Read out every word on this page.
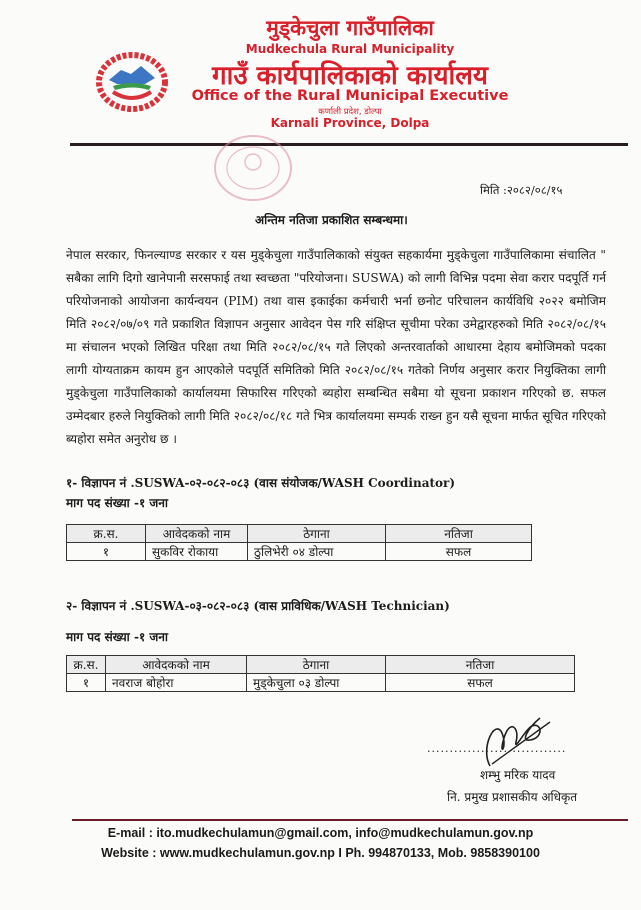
मुड्केचुला गाउँपालिका
Mudkechula Rural Municipality
गाउँ कार्यपालिकाको कार्यालय
Office of the Rural Municipal Executive
कर्णाली प्रदेश, डोल्पा
Karnali Province, Dolpa
मिति :२०८२/०८/१५
अन्तिम नतिजा प्रकाशित सम्बन्धमा।
नेपाल सरकार, फिनल्याण्ड सरकार र यस मुड्केचुला गाउँपालिकाको संयुक्त सहकार्यमा मुड्केचुला गाउँपालिकामा संचालित " सबैका लागि दिगो खानेपानी सरसफाई तथा स्वच्छता "परियोजना। SUSWA) को लागी विभिन्न पदमा सेवा करार पदपूर्ति गर्न परियोजनाको आयोजना कार्यन्वयन (PIM) तथा वास इकाईका कर्मचारी भर्ना छनोट परिचालन कार्यविधि २०२२ बमोजिम मिति २०८२/०७/०९ गते प्रकाशित विज्ञापन अनुसार आवेदन पेस गरि संक्षिप्त सूचीमा परेका उमेद्वारहरुको मिति २०८२/०८/१५ मा संचालन भएको लिखित परिक्षा तथा मिति २०८२/०८/१५ गते लिएको अन्तरवार्ताको आधारमा देहाय बमोजिमको पदका लागी योग्यताक्रम कायम हुन आएकोले पदपूर्ति समितिको मिति २०८२/०८/१५ गतेको निर्णय अनुसार करार नियुक्तिका लागी मुड्केचुला गाउँपालिकाको कार्यालयमा सिफारिस गरिएको ब्यहोरा सम्बन्धित सबैमा यो सूचना प्रकाशन गरिएको छ. सफल उम्मेदबार हरुले नियुक्तिको लागी मिति २०८२/०८/१८ गते भित्र कार्यालयमा सम्पर्क राख्न हुन यसै सूचना मार्फत सूचित गरिएको ब्यहोरा समेत अनुरोध छ ।
१- विज्ञापन नं .SUSWA-०२-०८२-०८३ (वास संयोजक/WASH Coordinator)
माग पद संख्या -१ जना
क्र.स.	आवेदकको नाम	ठेगाना	नतिजा
१	सुकविर रोकाया	ठुलिभेरी ०४ डोल्पा	सफल
२- विज्ञापन नं .SUSWA-०३-०८२-०८३ (वास प्राविधिक/WASH Technician)
माग पद संख्या -१ जना
क्र.स.	आवेदकको नाम	ठेगाना	नतिजा
१	नवराज बोहोरा	मुड्केचुला ०३ डोल्पा	सफल
...............................
शम्भु मरिक यादव
नि. प्रमुख प्रशासकीय अधिकृत
E-mail : ito.mudkechulamun@gmail.com, info@mudkechulamun.gov.np
Website : www.mudkechulamun.gov.np I Ph. 994870133, Mob. 9858390100
